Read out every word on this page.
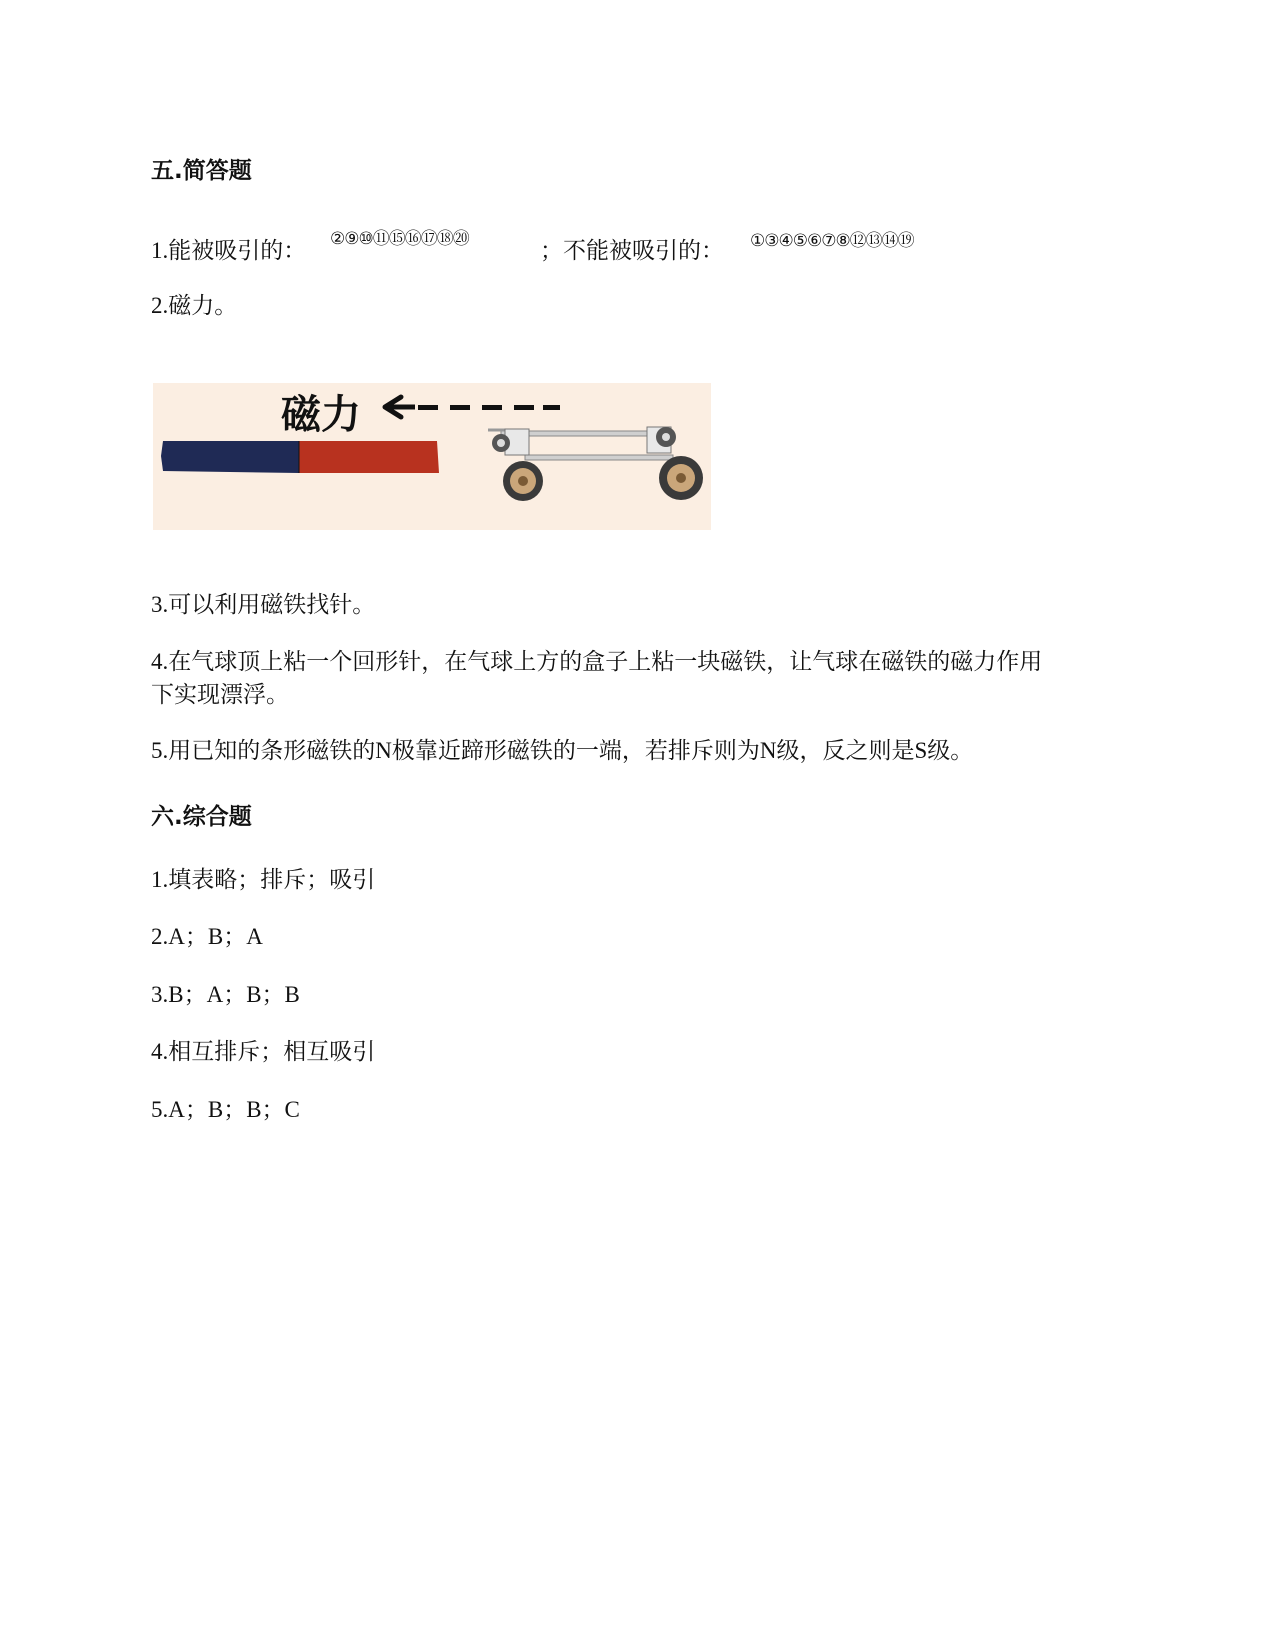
五.简答题
1.能被吸引的： ②⑨⑩⑪⑮⑯⑰⑱⑳	；不能被吸引的： ①③④⑤⑥⑦⑧⑫⑬⑭⑲
2.磁力。
磁力
3.可以利用磁铁找针。
4.在气球顶上粘一个回形针，在气球上方的盒子上粘一块磁铁，让气球在磁铁的磁力作用
下实现漂浮。
5.用已知的条形磁铁的N极靠近蹄形磁铁的一端，若排斥则为N级，反之则是S级。
六.综合题
1.填表略；排斥；吸引
2.A；B；A
3.B；A；B；B
4.相互排斥；相互吸引
5.A；B；B；C
